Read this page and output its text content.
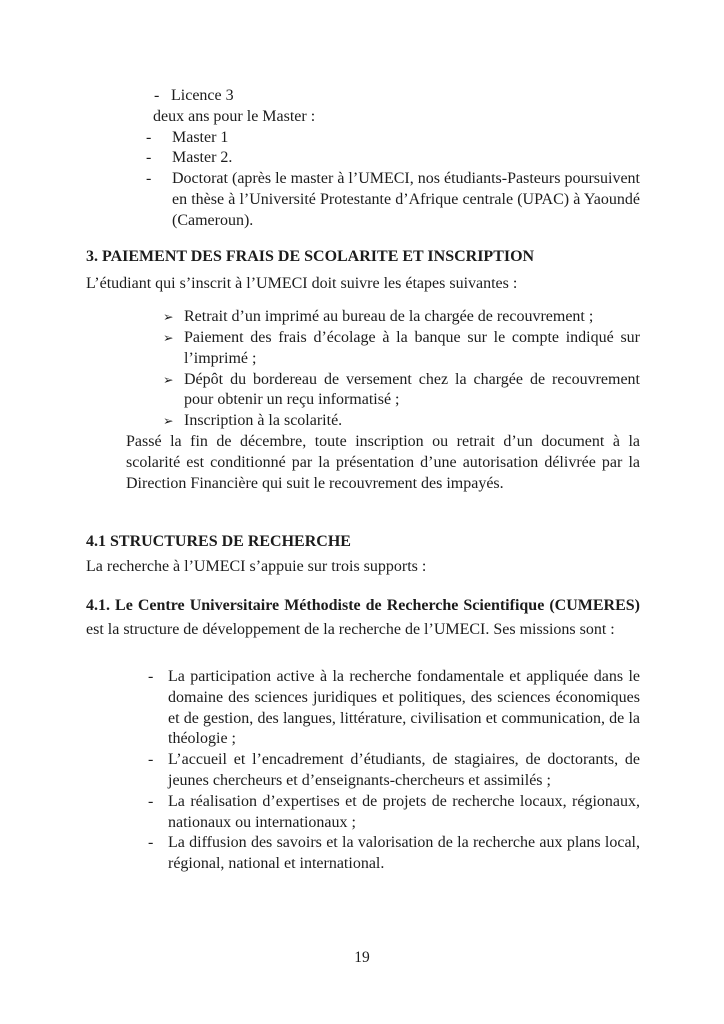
- Licence 3
deux ans pour le Master :
-	Master 1
-	Master 2.
-	Doctorat (après le master à l’UMECI, nos étudiants-Pasteurs poursuivent en thèse à l’Université Protestante d’Afrique centrale (UPAC) à Yaoundé (Cameroun).
3. PAIEMENT DES FRAIS DE SCOLARITE ET INSCRIPTION
L’étudiant qui s’inscrit à l’UMECI doit suivre les étapes suivantes :
➢ Retrait d’un imprimé au bureau de la chargée de recouvrement ;
➢ Paiement des frais d’écolage à la banque sur le compte indiqué sur l’imprimé ;
➢ Dépôt du bordereau de versement chez la chargée de recouvrement pour obtenir un reçu informatisé ;
➢ Inscription à la scolarité.
Passé la fin de décembre, toute inscription ou retrait d’un document à la scolarité est conditionné par la présentation d’une autorisation délivrée par la Direction Financière qui suit le recouvrement des impayés.
4.1 STRUCTURES DE RECHERCHE
La recherche à l’UMECI s’appuie sur trois supports :
4.1. Le Centre Universitaire Méthodiste de Recherche Scientifique (CUMERES) est la structure de développement de la recherche de l’UMECI. Ses missions sont :
- La participation active à la recherche fondamentale et appliquée dans le domaine des sciences juridiques et politiques, des sciences économiques et de gestion, des langues, littérature, civilisation et communication, de la théologie ;
- L’accueil et l’encadrement d’étudiants, de stagiaires, de doctorants, de jeunes chercheurs et d’enseignants-chercheurs et assimilés ;
- La réalisation d’expertises et de projets de recherche locaux, régionaux, nationaux ou internationaux ;
- La diffusion des savoirs et la valorisation de la recherche aux plans local, régional, national et international.
19
